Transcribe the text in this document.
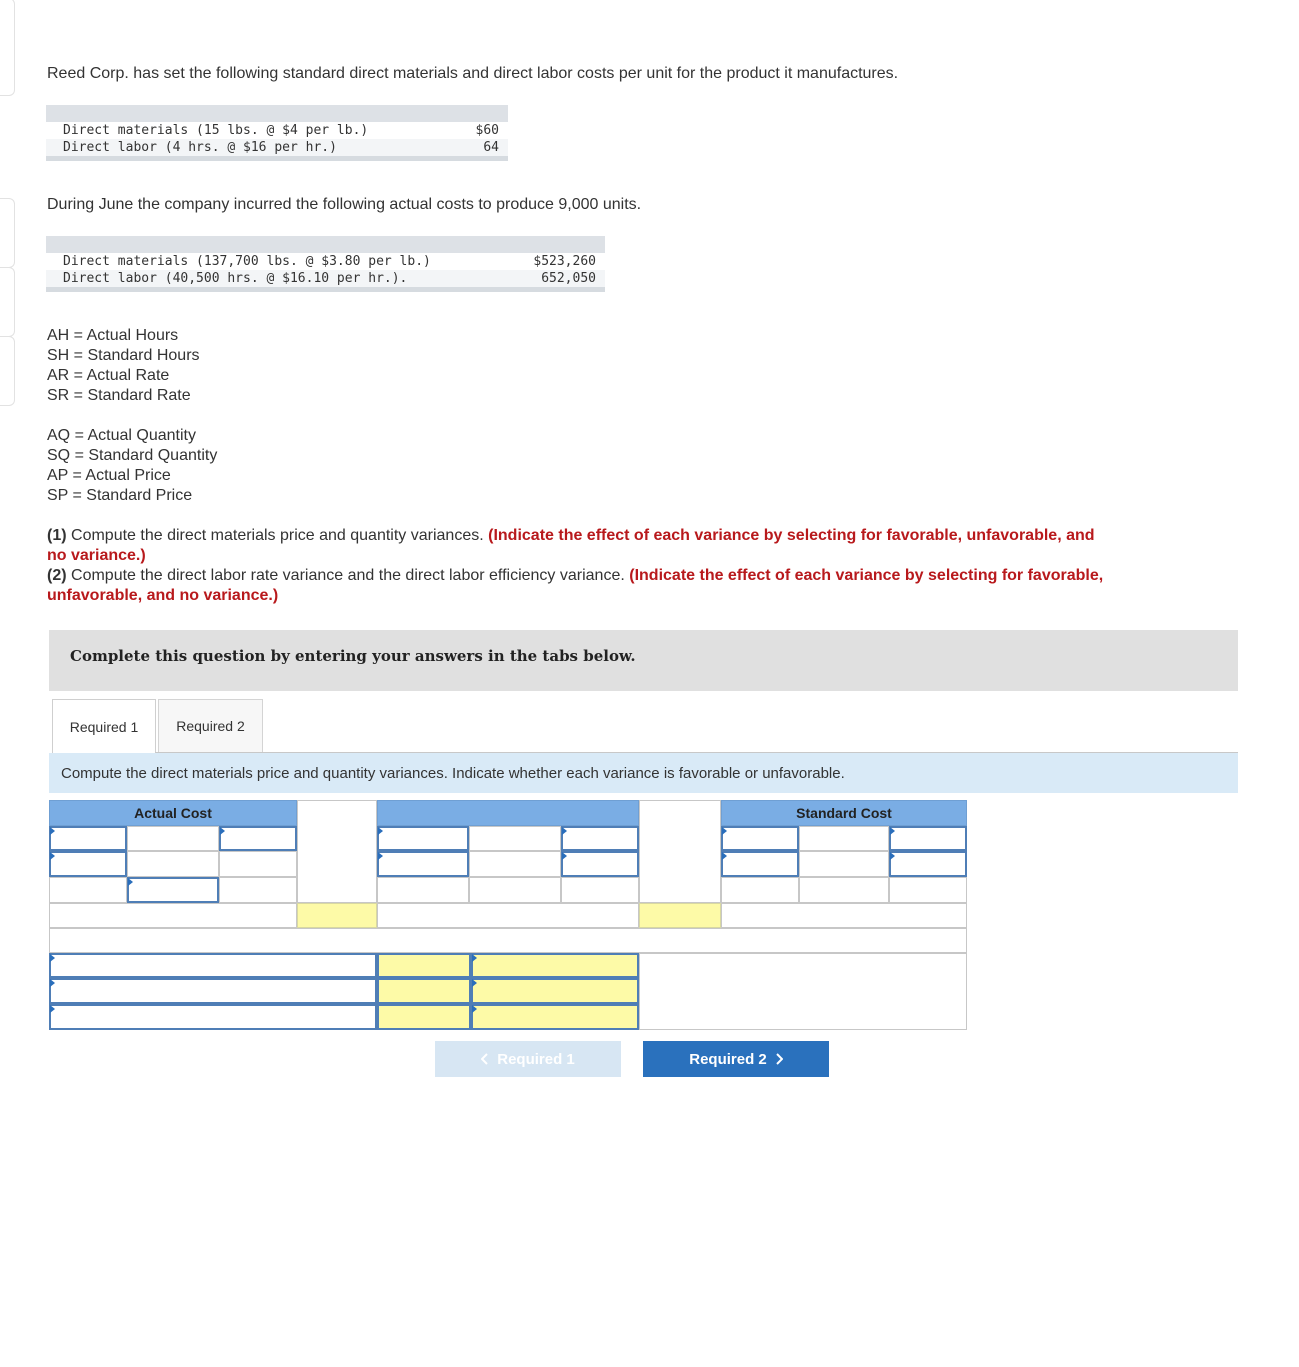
Reed Corp. has set the following standard direct materials and direct labor costs per unit for the product it manufactures.
Direct materials (15 lbs. @ $4 per lb.)	$60
Direct labor (4 hrs. @ $16 per hr.)	64
During June the company incurred the following actual costs to produce 9,000 units.
Direct materials (137,700 lbs. @ $3.80 per lb.)	$523,260
Direct labor (40,500 hrs. @ $16.10 per hr.).	652,050
AH = Actual Hours
SH = Standard Hours
AR = Actual Rate
SR = Standard Rate
AQ = Actual Quantity
SQ = Standard Quantity
AP = Actual Price
SP = Standard Price
(1) Compute the direct materials price and quantity variances. (Indicate the effect of each variance by selecting for favorable, unfavorable, and no variance.)
(2) Compute the direct labor rate variance and the direct labor efficiency variance. (Indicate the effect of each variance by selecting for favorable, unfavorable, and no variance.)
Complete this question by entering your answers in the tabs below.
Required 1	Required 2
Compute the direct materials price and quantity variances. Indicate whether each variance is favorable or unfavorable.
Actual Cost	Standard Cost
Required 1	Required 2
